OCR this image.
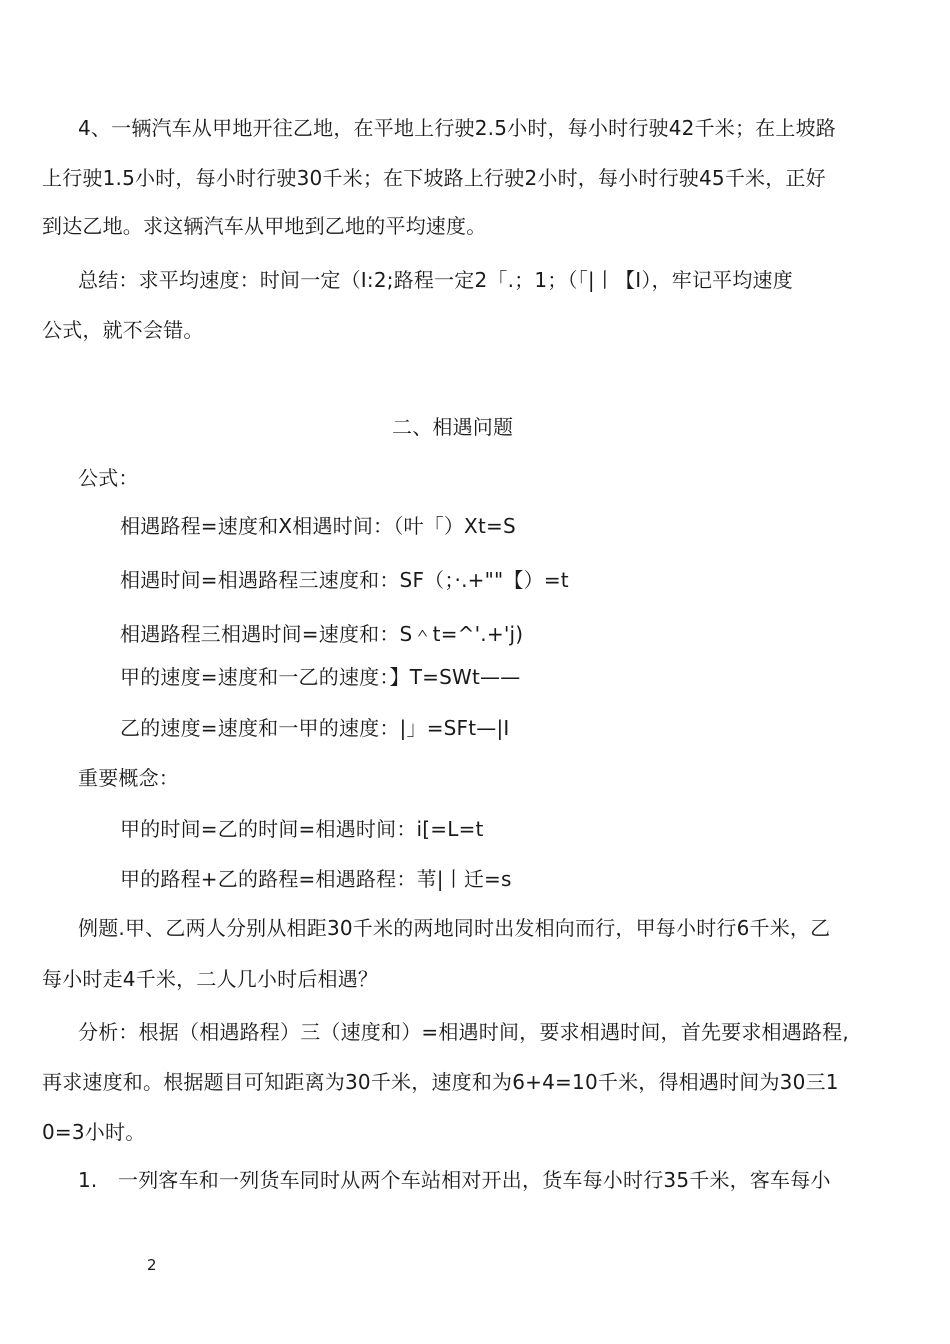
4、一辆汽车从甲地开往乙地，在平地上行驶2.5小时，每小时行驶42千米；在上坡路
上行驶1.5小时，每小时行驶30千米；在下坡路上行驶2小时，每小时行驶45千米，正好
到达乙地。求这辆汽车从甲地到乙地的平均速度。
总结：求平均速度：时间一定（I:2;路程一定2「.；1；（「|丨【I），牢记平均速度
公式，就不会错。
二、相遇问题
公式：
相遇路程=速度和X相遇时间：（叶「）Xt=S
相遇时间=相遇路程三速度和：SF（；·.+""【）=t
相遇路程三相遇时间=速度和：S＾t=^'.+'j)
甲的速度=速度和一乙的速度：】T=SWt——
乙的速度=速度和一甲的速度：|」=SFt—|I
重要概念：
甲的时间=乙的时间=相遇时间：i[=L=t
甲的路程+乙的路程=相遇路程：苇|丨迁=s
例题.甲、乙两人分别从相距30千米的两地同时出发相向而行，甲每小时行6千米，乙
每小时走4千米，二人几小时后相遇？
分析：根据（相遇路程）三（速度和）=相遇时间，要求相遇时间，首先要求相遇路程,
再求速度和。根据题目可知距离为30千米，速度和为6+4=10千米，得相遇时间为30三1
0=3小时。
1. 一列客车和一列货车同时从两个车站相对开出，货车每小时行35千米，客车每小
2
